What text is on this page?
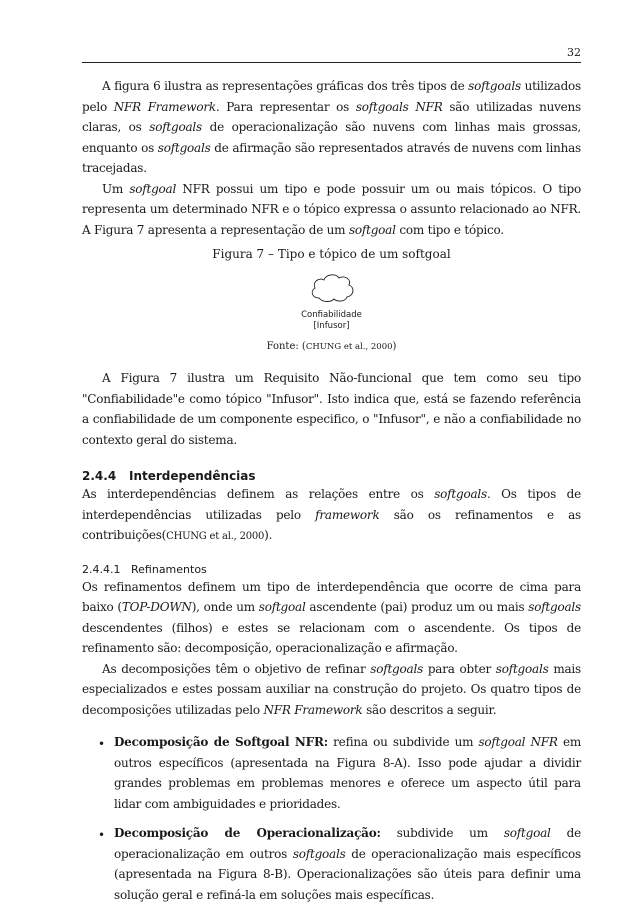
32

A figura 6 ilustra as representações gráficas dos três tipos de softgoals utilizados pelo NFR Framework. Para representar os softgoals NFR são utilizadas nuvens claras, os softgoals de operacionalização são nuvens com linhas mais grossas, enquanto os softgoals de afirmação são representados através de nuvens com linhas tracejadas.

Um softgoal NFR possui um tipo e pode possuir um ou mais tópicos. O tipo representa um determinado NFR e o tópico expressa o assunto relacionado ao NFR. A Figura 7 apresenta a representação de um softgoal com tipo e tópico.

Figura 7 – Tipo e tópico de um softgoal
Confiabilidade
[Infusor]
Fonte: (CHUNG et al., 2000)

A Figura 7 ilustra um Requisito Não-funcional que tem como seu tipo "Confiabilidade"e como tópico "Infusor". Isto indica que, está se fazendo referência a confiabilidade de um componente especifico, o "Infusor", e não a confiabilidade no contexto geral do sistema.

2.4.4 Interdependências

As interdependências definem as relações entre os softgoals. Os tipos de interdependências utilizadas pelo framework são os refinamentos e as contribuições(CHUNG et al., 2000).

2.4.4.1 Refinamentos

Os refinamentos definem um tipo de interdependência que ocorre de cima para baixo (TOP-DOWN), onde um softgoal ascendente (pai) produz um ou mais softgoals descendentes (filhos) e estes se relacionam com o ascendente. Os tipos de refinamento são: decomposição, operacionalização e afirmação.

As decomposições têm o objetivo de refinar softgoals para obter softgoals mais especializados e estes possam auxiliar na construção do projeto. Os quatro tipos de decomposições utilizadas pelo NFR Framework são descritos a seguir.

• Decomposição de Softgoal NFR: refina ou subdivide um softgoal NFR em outros específicos (apresentada na Figura 8-A). Isso pode ajudar a dividir grandes problemas em problemas menores e oferece um aspecto útil para lidar com ambiguidades e prioridades.

• Decomposição de Operacionalização: subdivide um softgoal de operacionalização em outros softgoals de operacionalização mais específicos (apresentada na Figura 8-B). Operacionalizações são úteis para definir uma solução geral e refiná-la em soluções mais específicas.
